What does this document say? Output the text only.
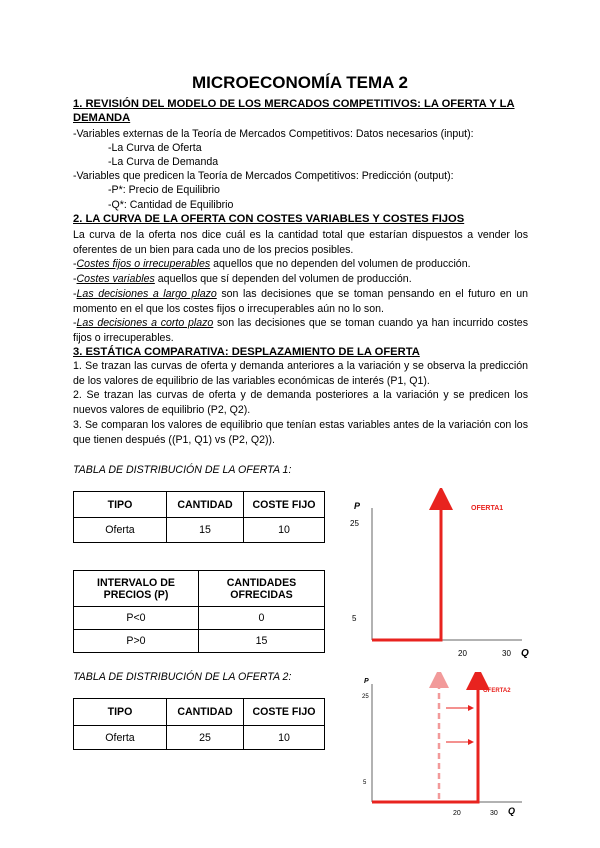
MICROECONOMÍA TEMA 2
1. REVISIÓN DEL MODELO DE LOS MERCADOS COMPETITIVOS: LA OFERTA Y LA DEMANDA
-Variables externas de la Teoría de Mercados Competitivos: Datos necesarios (input):
-La Curva de Oferta
-La Curva de Demanda
-Variables que predicen la Teoría de Mercados Competitivos: Predicción (output):
-P*: Precio de Equilibrio
-Q*: Cantidad de Equilibrio
2. LA CURVA DE LA OFERTA CON COSTES VARIABLES Y COSTES FIJOS
La curva de la oferta nos dice cuál es la cantidad total que estarían dispuestos a vender los oferentes de un bien para cada uno de los precios posibles.
-Costes fijos o irrecuperables aquellos que no dependen del volumen de producción.
-Costes variables aquellos que sí dependen del volumen de producción.
-Las decisiones a largo plazo son las decisiones que se toman pensando en el futuro en un momento en el que los costes fijos o irrecuperables aún no lo son.
-Las decisiones a corto plazo son las decisiones que se toman cuando ya han incurrido costes fijos o irrecuperables.
3. ESTÁTICA COMPARATIVA: DESPLAZAMIENTO DE LA OFERTA
1. Se trazan las curvas de oferta y demanda anteriores a la variación y se observa la predicción de los valores de equilibrio de las variables económicas de interés (P1, Q1).
2. Se trazan las curvas de oferta y de demanda posteriores a la variación y se predicen los nuevos valores de equilibrio (P2, Q2).
3. Se comparan los valores de equilibrio que tenían estas variables antes de la variación con los que tienen después ((P1, Q1) vs (P2, Q2)).
TABLA DE DISTRIBUCIÓN DE LA OFERTA 1:
TIPO	CANTIDAD	COSTE FIJO
Oferta	15	10
INTERVALO DE PRECIOS (P)	CANTIDADES OFRECIDAS
P<0	0
P>0	15
TABLA DE DISTRIBUCIÓN DE LA OFERTA 2:
TIPO	CANTIDAD	COSTE FIJO
Oferta	25	10
P
Q
25
5
20	30
OFERTA1
P
Q
25
5
20	30
OFERTA2
